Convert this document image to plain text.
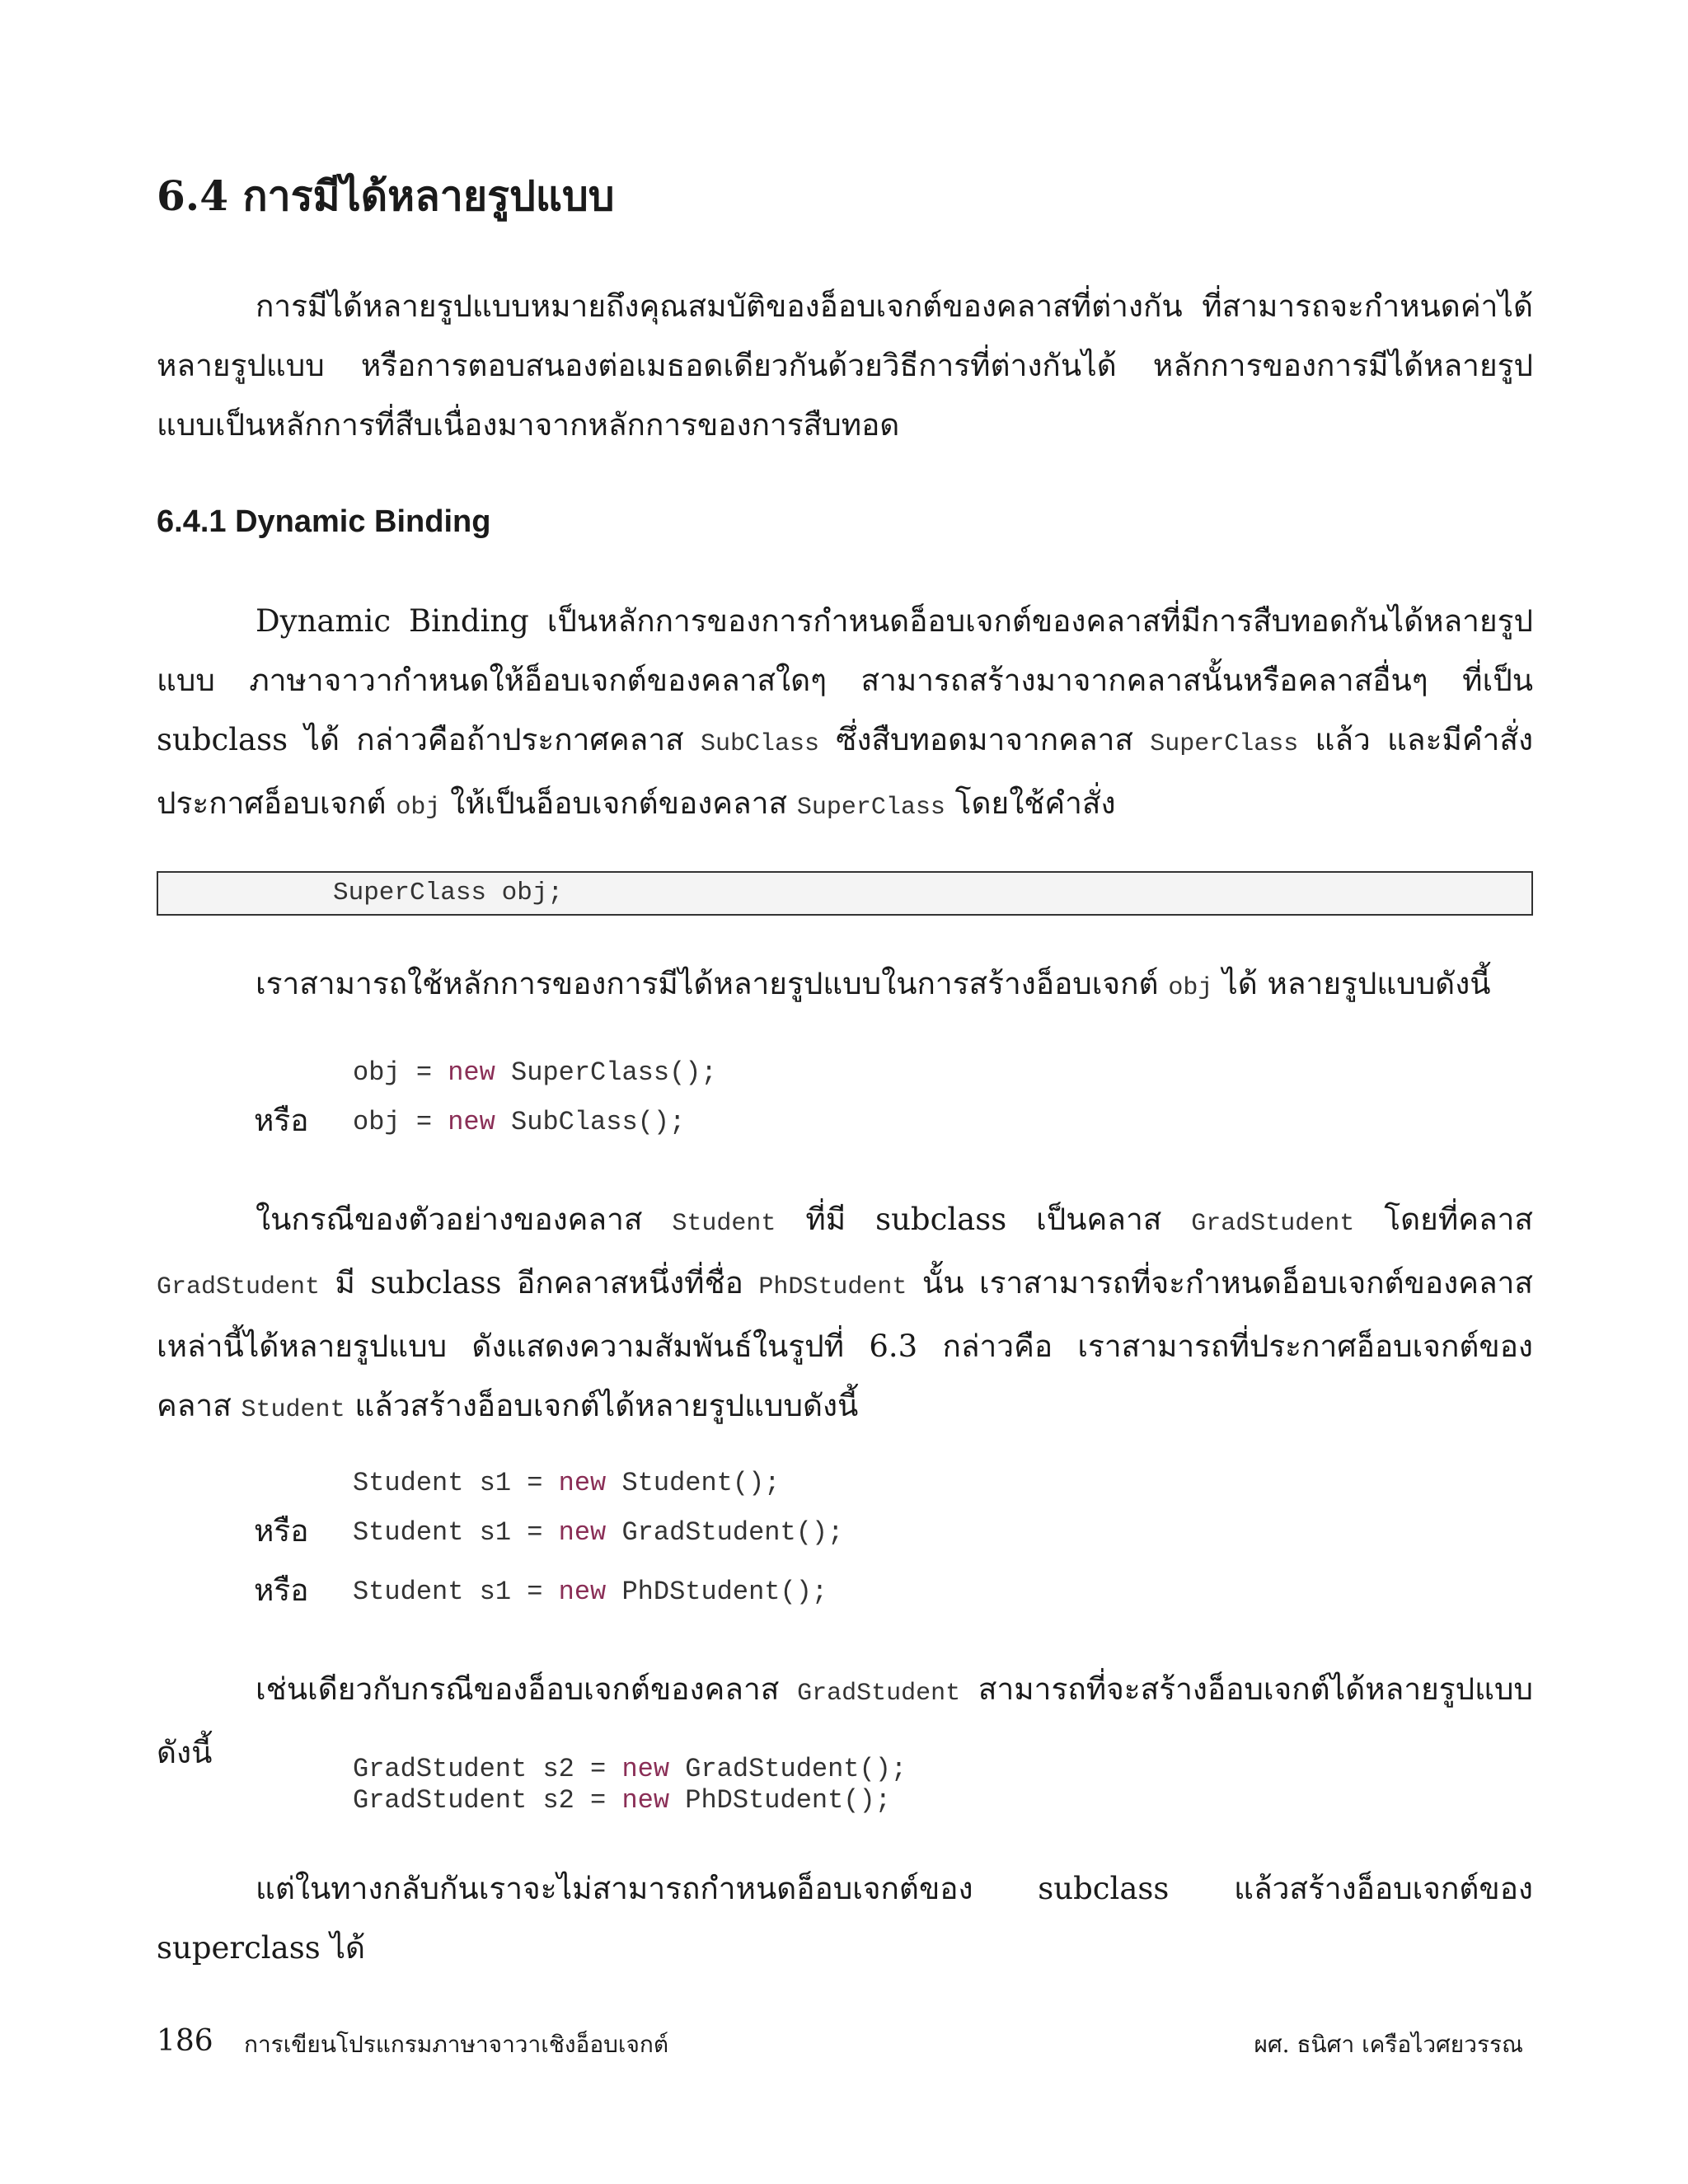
6.4 การมีได้หลายรูปแบบ

การมีได้หลายรูปแบบหมายถึงคุณสมบัติของอ็อบเจกต์ของคลาสที่ต่างกัน ที่สามารถจะกำหนดค่าได้หลายรูปแบบ หรือการตอบสนองต่อเมธอดเดียวกันด้วยวิธีการที่ต่างกันได้ หลักการของการมีได้หลายรูปแบบเป็นหลักการที่สืบเนื่องมาจากหลักการของการสืบทอด

6.4.1 Dynamic Binding

Dynamic Binding เป็นหลักการของการกำหนดอ็อบเจกต์ของคลาสที่มีการสืบทอดกันได้หลายรูปแบบ ภาษาจาวากำหนดให้อ็อบเจกต์ของคลาสใดๆ สามารถสร้างมาจากคลาสนั้นหรือคลาสอื่นๆ ที่เป็น subclass ได้ กล่าวคือถ้าประกาศคลาส SubClass ซึ่งสืบทอดมาจากคลาส SuperClass แล้ว และมีคำสั่งประกาศอ็อบเจกต์ obj ให้เป็นอ็อบเจกต์ของคลาส SuperClass โดยใช้คำสั่ง

SuperClass obj;

เราสามารถใช้หลักการของการมีได้หลายรูปแบบในการสร้างอ็อบเจกต์ obj ได้ หลายรูปแบบดังนี้

obj = new SuperClass();
หรือ obj = new SubClass();

ในกรณีของตัวอย่างของคลาส Student ที่มี subclass เป็นคลาส GradStudent โดยที่คลาส GradStudent มี subclass อีกคลาสหนึ่งที่ชื่อ PhDStudent นั้น เราสามารถที่จะกำหนดอ็อบเจกต์ของคลาสเหล่านี้ได้หลายรูปแบบ ดังแสดงความสัมพันธ์ในรูปที่ 6.3 กล่าวคือ เราสามารถที่ประกาศอ็อบเจกต์ของคลาส Student แล้วสร้างอ็อบเจกต์ได้หลายรูปแบบดังนี้

Student s1 = new Student();
หรือ Student s1 = new GradStudent();
หรือ Student s1 = new PhDStudent();

เช่นเดียวกับกรณีของอ็อบเจกต์ของคลาส GradStudent สามารถที่จะสร้างอ็อบเจกต์ได้หลายรูปแบบดังนี้	GradStudent s2 = new GradStudent();
GradStudent s2 = new PhDStudent();

แต่ในทางกลับกันเราจะไม่สามารถกำหนดอ็อบเจกต์ของ subclass แล้วสร้างอ็อบเจกต์ของ superclass ได้

186 การเขียนโปรแกรมภาษาจาวาเชิงอ็อบเจกต์	ผศ. ธนิศา เครือไวศยวรรณ
